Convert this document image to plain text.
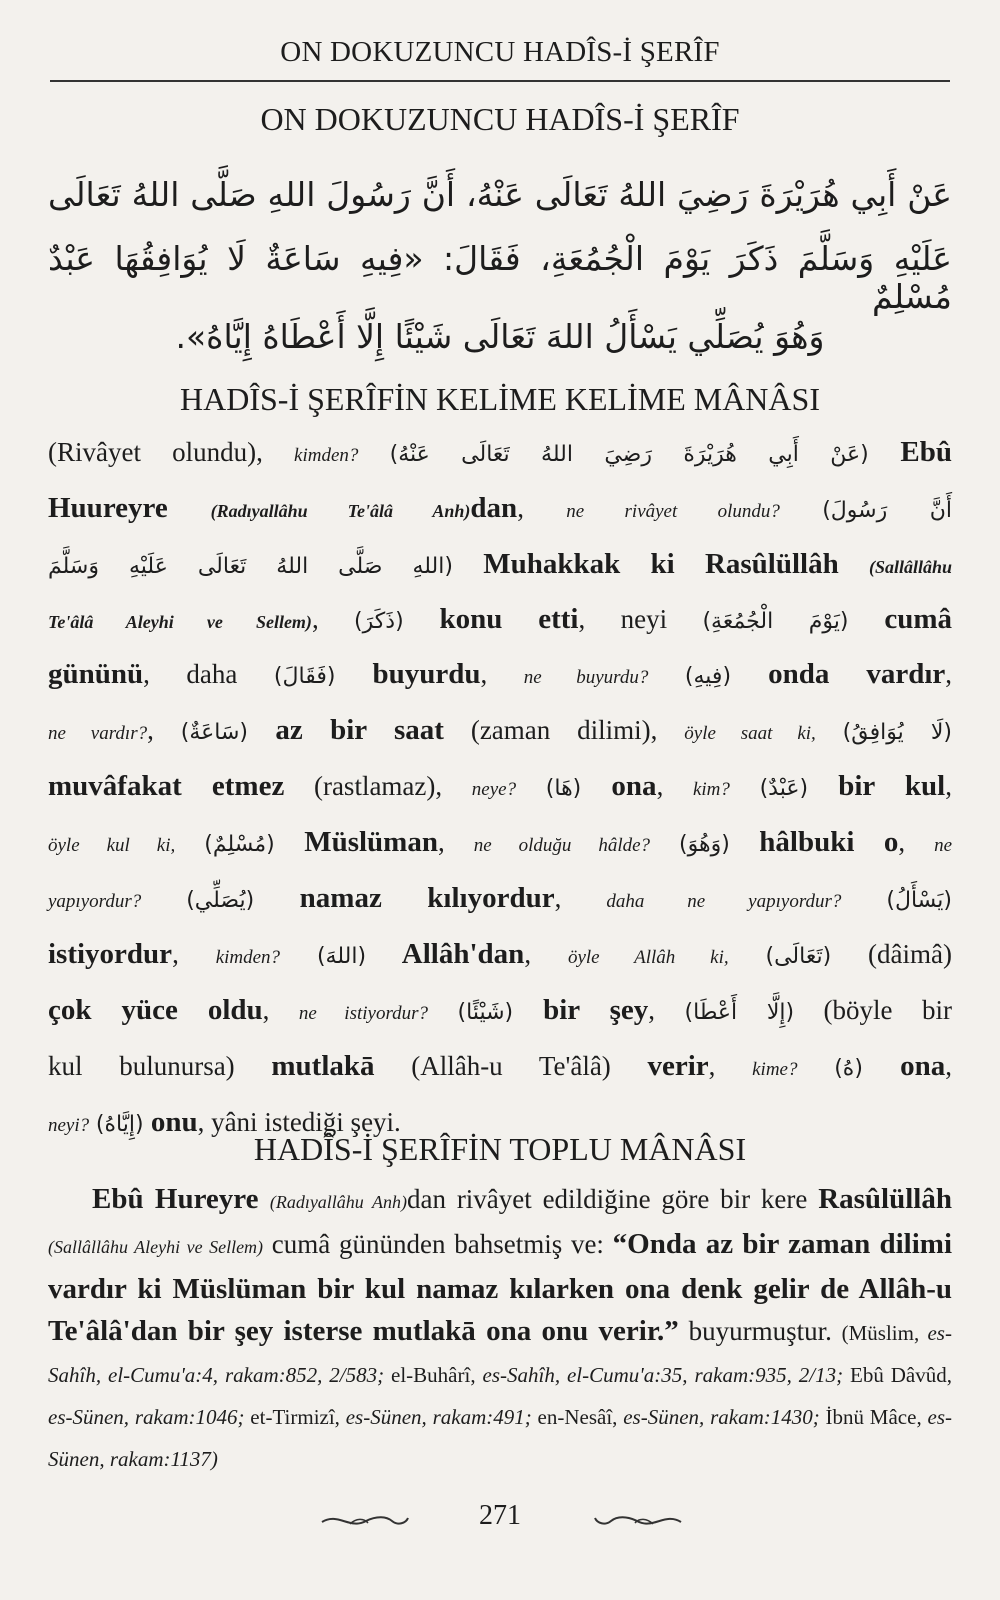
ON DOKUZUNCU HADÎS-İ ŞERÎF
ON DOKUZUNCU HADÎS-İ ŞERÎF
عَنْ أَبِي هُرَيْرَةَ رَضِيَ اللهُ تَعَالَى عَنْهُ، أَنَّ رَسُولَ اللهِ صَلَّى اللهُ تَعَالَى
عَلَيْهِ وَسَلَّمَ ذَكَرَ يَوْمَ الْجُمُعَةِ، فَقَالَ: «فِيهِ سَاعَةٌ لَا يُوَافِقُهَا عَبْدٌ مُسْلِمٌ
وَهُوَ يُصَلِّي يَسْأَلُ اللهَ تَعَالَى شَيْئًا إِلَّا أَعْطَاهُ إِيَّاهُ».
HADÎS-İ ŞERÎFİN KELİME KELİME MÂNÂSI
(Rivâyet olundu), kimden? (عَنْ أَبِي هُرَيْرَةَ رَضِيَ اللهُ تَعَالَى عَنْهُ) Ebû
Huureyre (Radıyallâhu Te'âlâ Anh)dan, ne rivâyet olundu? (أَنَّ رَسُولَ
اللهِ صَلَّى اللهُ تَعَالَى عَلَيْهِ وَسَلَّمَ) Muhakkak ki Rasûlüllâh (Sallâllâhu
Te'âlâ Aleyhi ve Sellem), (ذَكَرَ) konu etti, neyi (يَوْمَ الْجُمُعَةِ) cumâ
gününü, daha (فَقَالَ) buyurdu, ne buyurdu? (فِيهِ) onda vardır,
ne vardır?, (سَاعَةٌ) az bir saat (zaman dilimi), öyle saat ki, (لَا يُوَافِقُ)
muvâfakat etmez (rastlamaz), neye? (هَا) ona, kim? (عَبْدٌ) bir kul,
öyle kul ki, (مُسْلِمٌ) Müslüman, ne olduğu hâlde? (وَهُوَ) hâlbuki o, ne
yapıyordur? (يُصَلِّي) namaz kılıyordur, daha ne yapıyordur? (يَسْأَلُ)
istiyordur, kimden? (اللهَ) Allâh'dan, öyle Allâh ki, (تَعَالَى) (dâimâ)
çok yüce oldu, ne istiyordur? (شَيْئًا) bir şey, (إِلَّا أَعْطَا) (böyle bir
kul bulunursa) mutlakā (Allâh-u Te'âlâ) verir, kime? (هُ) ona,
neyi? (إِيَّاهُ) onu, yâni istediği şeyi.
HADÎS-İ ŞERÎFİN TOPLU MÂNÂSI
Ebû Hureyre (Radıyallâhu Anh)dan rivâyet edildiğine göre bir kere Rasûlüllâh (Sallâllâhu Aleyhi ve Sellem) cumâ gününden bahsetmiş ve: “Onda az bir zaman dilimi vardır ki Müslüman bir kul namaz kılarken ona denk gelir de Allâh-u Te'âlâ'dan bir şey isterse mutlakā ona onu verir.” buyurmuştur. (Müslim, es-Sahîh, el-Cumu'a:4, rakam:852, 2/583; el-Buhârî, es-Sahîh, el-Cumu'a:35, rakam:935, 2/13; Ebû Dâvûd, es-Sünen, rakam:1046; et-Tirmizî, es-Sünen, rakam:491; en-Nesâî, es-Sünen, rakam:1430; İbnü Mâce, es-Sünen, rakam:1137)
271
